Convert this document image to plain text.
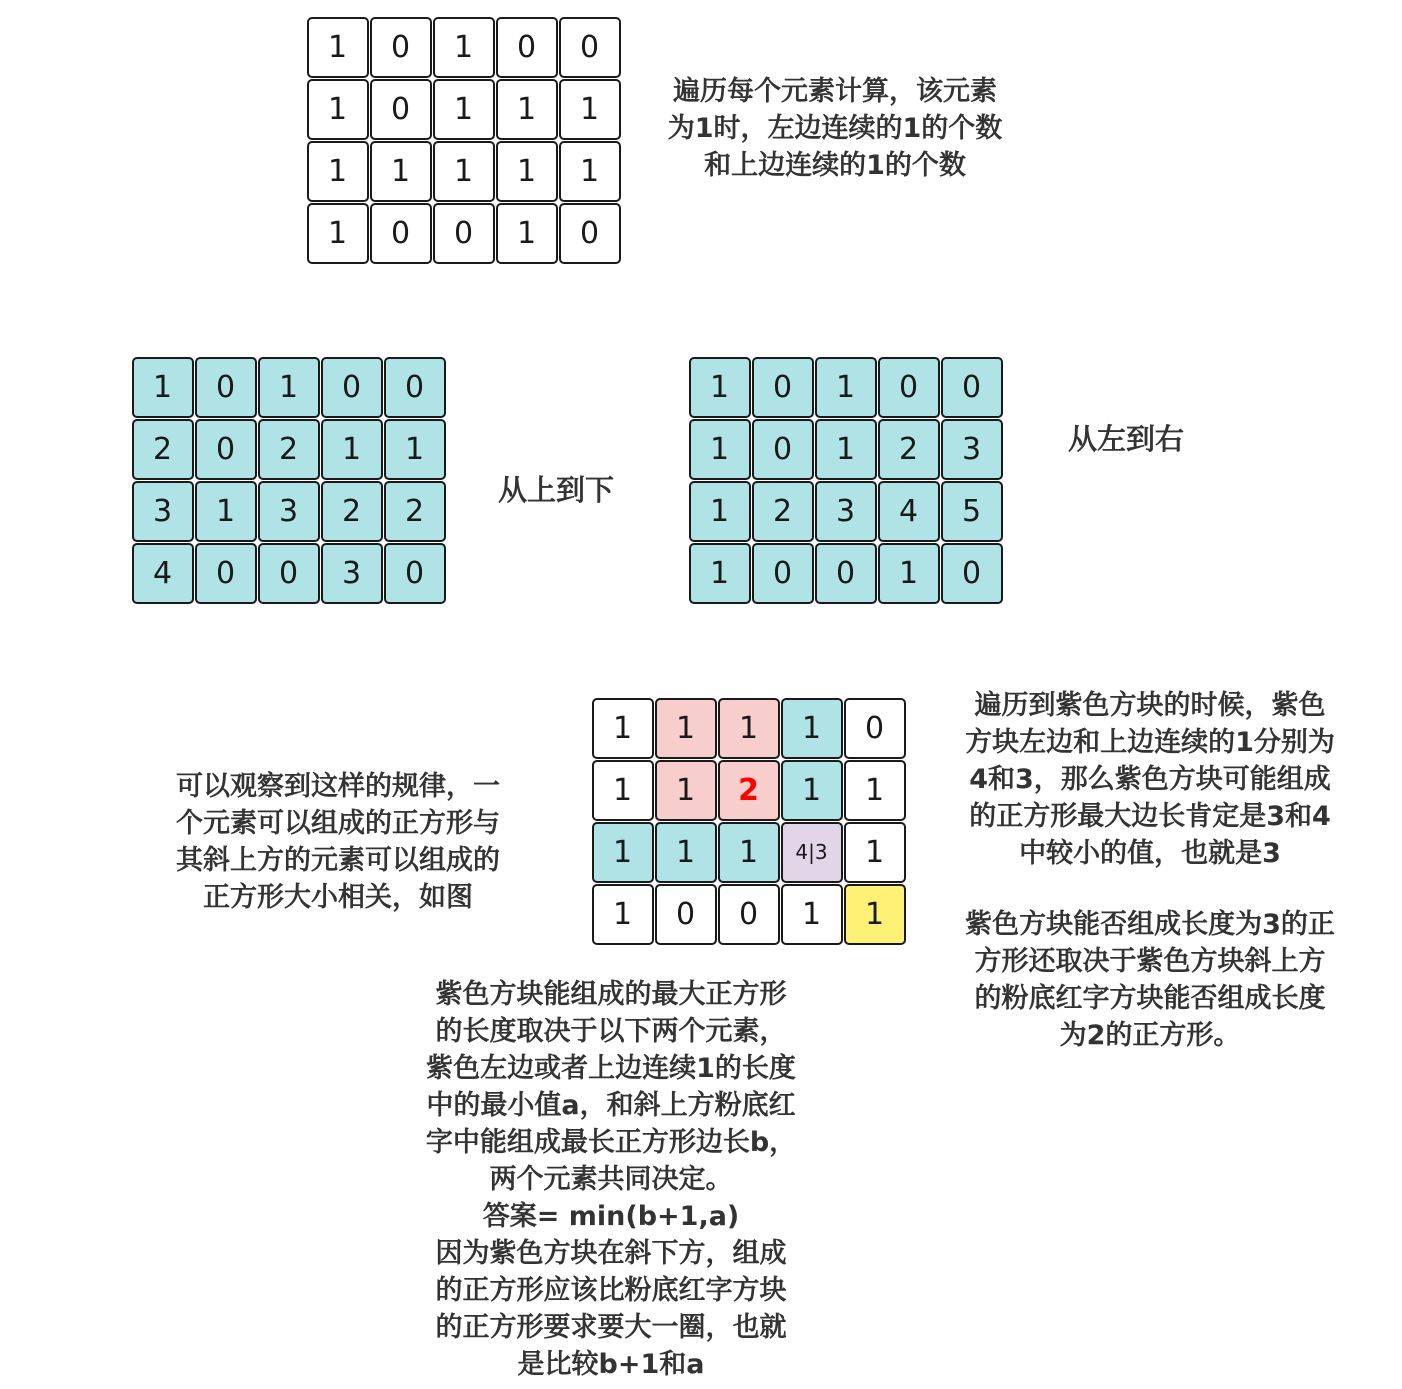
1	0	1	0	0
1	0	1	1	1
1	1	1	1	1
1	0	0	1	0
遍历每个元素计算，该元素
为1时，左边连续的1的个数
和上边连续的1的个数
1	0	1	0	0
2	0	2	1	1
3	1	3	2	2
4	0	0	3	0
从上到下
1	0	1	0	0
1	0	1	2	3
1	2	3	4	5
1	0	0	1	0
从左到右
可以观察到这样的规律，一
个元素可以组成的正方形与
其斜上方的元素可以组成的
正方形大小相关，如图
1	1	1	1	0
1	1	2	1	1
1	1	1	4|3	1
1	0	0	1	1
遍历到紫色方块的时候，紫色
方块左边和上边连续的1分别为
4和3，那么紫色方块可能组成
的正方形最大边长肯定是3和4
中较小的值，也就是3
紫色方块能否组成长度为3的正
方形还取决于紫色方块斜上方
的粉底红字方块能否组成长度
为2的正方形。
紫色方块能组成的最大正方形
的长度取决于以下两个元素，
紫色左边或者上边连续1的长度
中的最小值a，和斜上方粉底红
字中能组成最长正方形边长b，
两个元素共同决定。
答案= min(b+1,a)
因为紫色方块在斜下方，组成
的正方形应该比粉底红字方块
的正方形要求要大一圈，也就
是比较b+1和a
